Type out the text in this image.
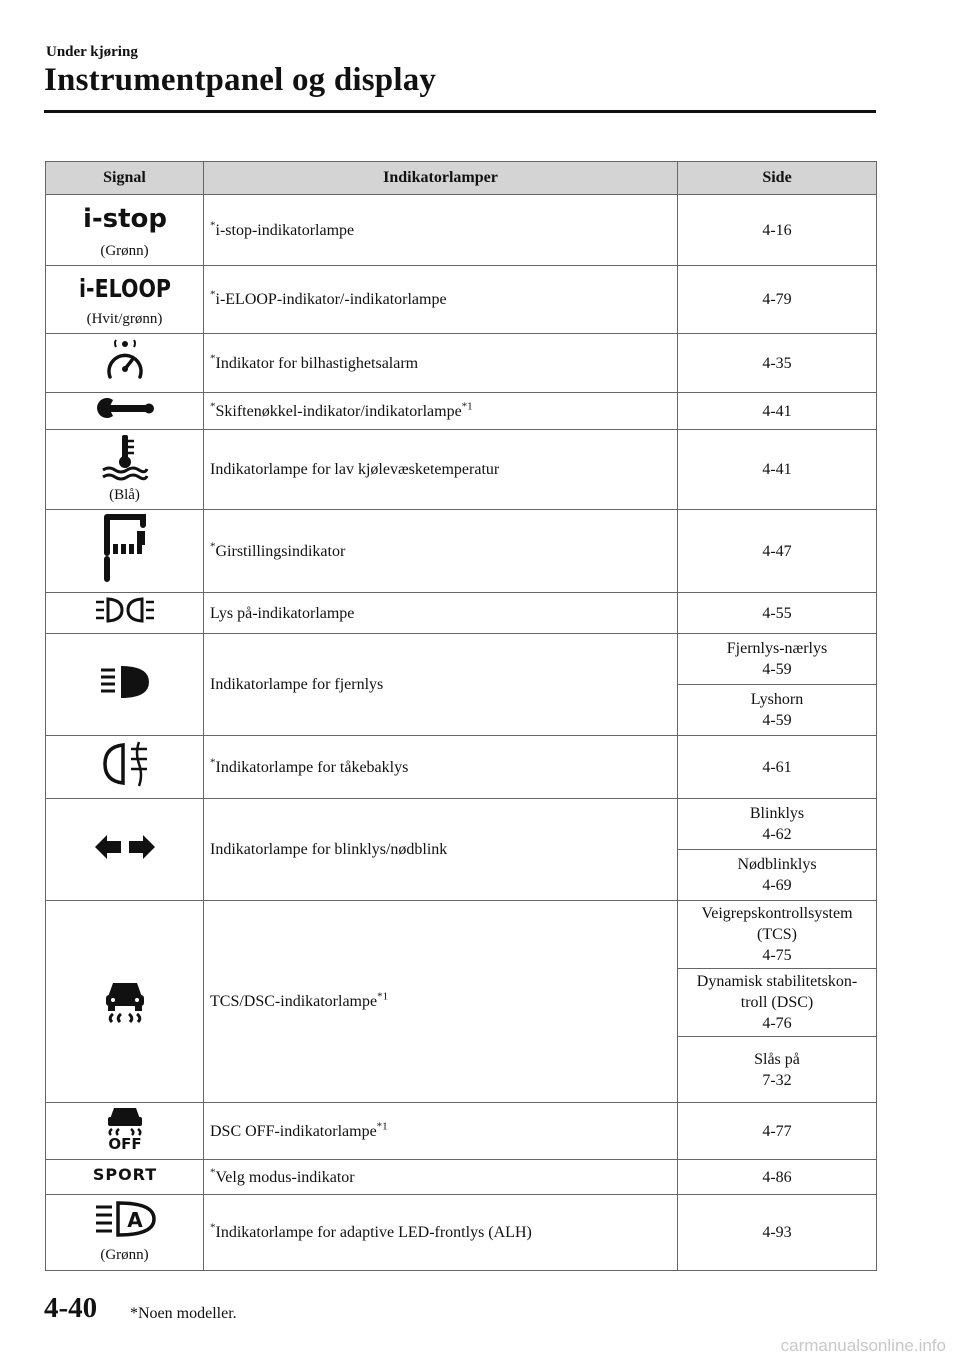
Under kjøring
Instrumentpanel og display
Signal	Indikatorlamper	Side

i-stop
(Grønn)	*i-stop-indikatorlampe	4-16

i-ELOOP
(Hvit/grønn)	*i-ELOOP-indikator/-indikatorlampe	4-79

	*Indikator for bilhastighetsalarm	4-35

	*Skiftenøkkel-indikator/indikatorlampe$^{*1}$	4-41

(Blå)	Indikatorlampe for lav kjølevæsketemperatur	4-41

	*Girstillingsindikator	4-47

	Lys på-indikatorlampe	4-55

	Indikatorlampe for fjernlys	Fjernlys-nærlys
4-59
		Lyshorn
4-59

	*Indikatorlampe for tåkebaklys	4-61

	Indikatorlampe for blinklys/nødblink	Blinklys
4-62
		Nødblinklys
4-69

	TCS/DSC-indikatorlampe$^{*1}$	Veigrepskontrollsystem
(TCS)
4-75
		Dynamisk stabilitetskon-
troll (DSC)
4-76
		Slås på
7-32

OFF	DSC OFF-indikatorlampe$^{*1}$	4-77

SPORT	*Velg modus-indikator	4-86

A
(Grønn)	*Indikatorlampe for adaptive LED-frontlys (ALH)	4-93
4-40 *Noen modeller.
carmanualsonline.info
